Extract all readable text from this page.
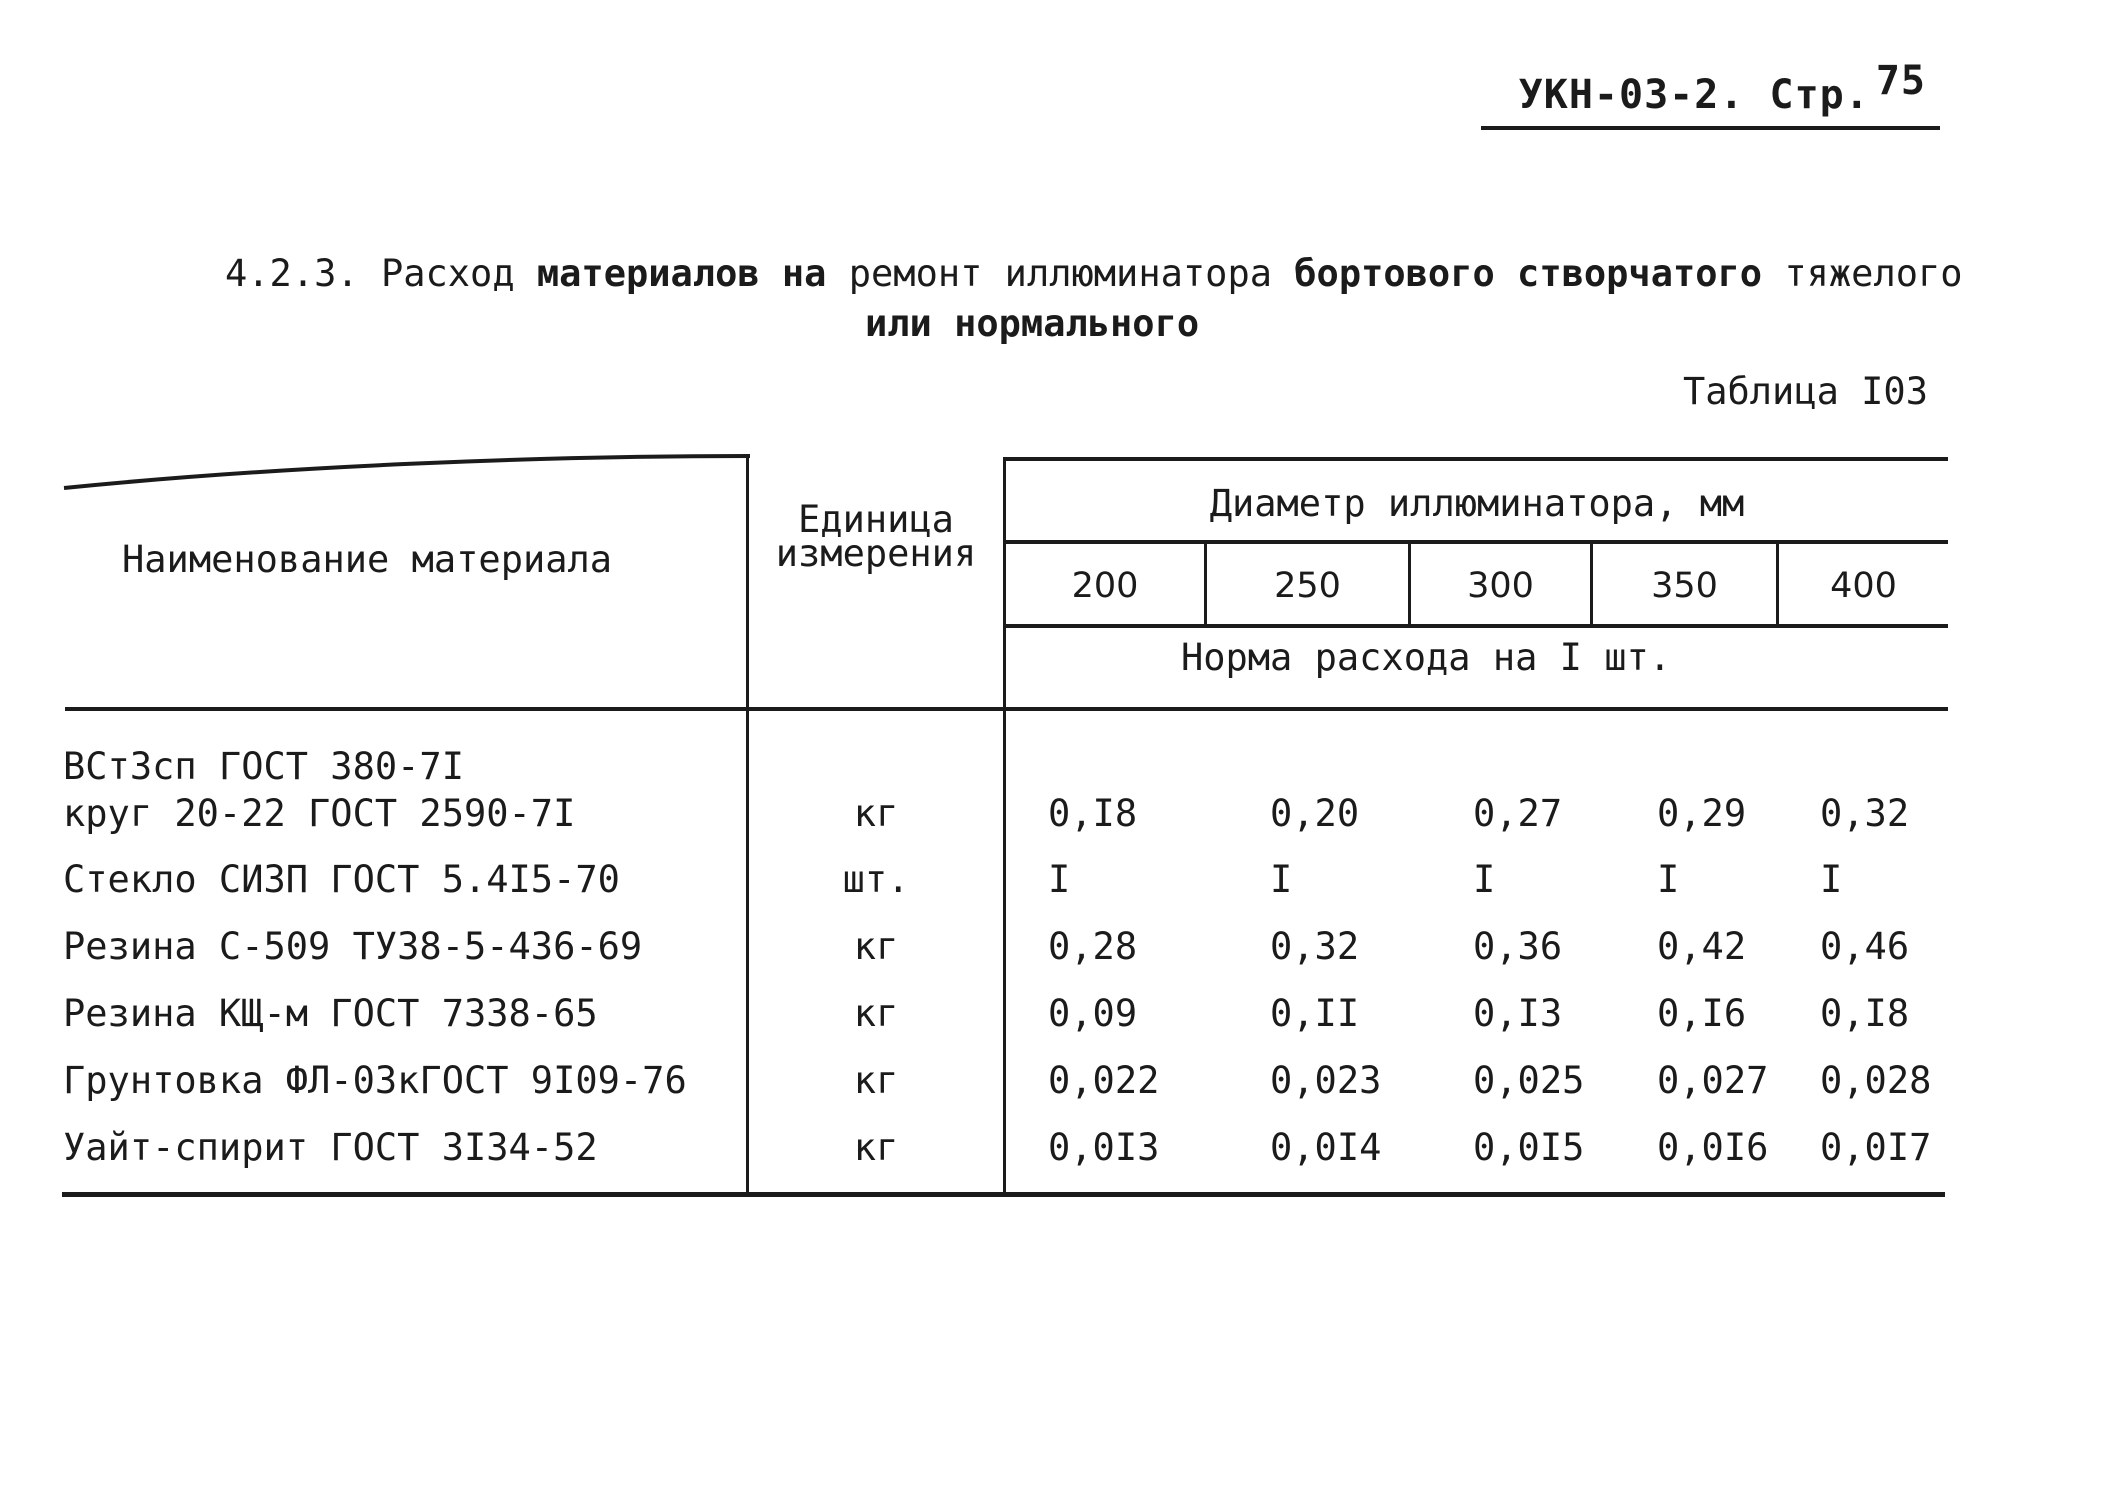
УКН-03-2. Стр. 75
4.2.3. Расход материалов на ремонт иллюминатора бортового створчатого тяжелого
или нормального
Таблица I03
Наименование материала
Единица
измерения
Диаметр иллюминатора, мм
200	250	300	350	400
Норма расхода на I шт.
ВСт3сп ГОСТ 380-7I
круг 20-22 ГОСТ 2590-7I	кг	0,I8	0,20	0,27	0,29 0,32
Стекло СИЗП ГОСТ 5.4I5-70	шт.	I	I	I	I	I
Резина С-509 ТУ38-5-436-69	кг	0,28	0,32	0,36	0,42 0,46
Резина КЩ-м ГОСТ 7338-65	кг	0,09	0,II	0,I3	0,I6 0,I8
Грунтовка ФЛ-03кГОСТ 9I09-76	кг	0,022	0,023 0,025 0,027 0,028
Уайт-спирит ГОСТ 3I34-52	кг	0,0I3	0,0I4 0,0I5 0,0I6 0,0I7
